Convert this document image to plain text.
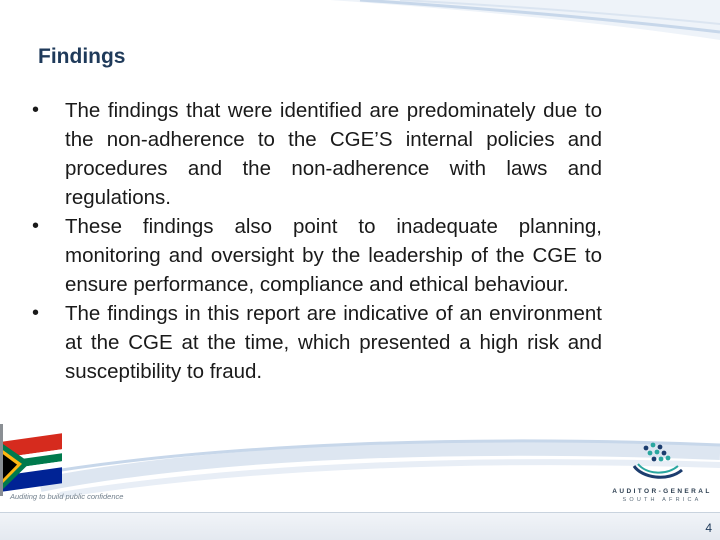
Findings
• The findings that were identified are predominately due to the non-adherence to the CGE’S internal policies and procedures and the non-adherence with laws and regulations.
• These findings also point to inadequate planning, monitoring and oversight by the leadership of the CGE to ensure performance, compliance and ethical behaviour.
• The findings in this report are indicative of an environment at the CGE at the time, which presented a high risk and susceptibility to fraud.
Auditing to build public confidence
AUDITOR-GENERAL
SOUTH AFRICA
4
